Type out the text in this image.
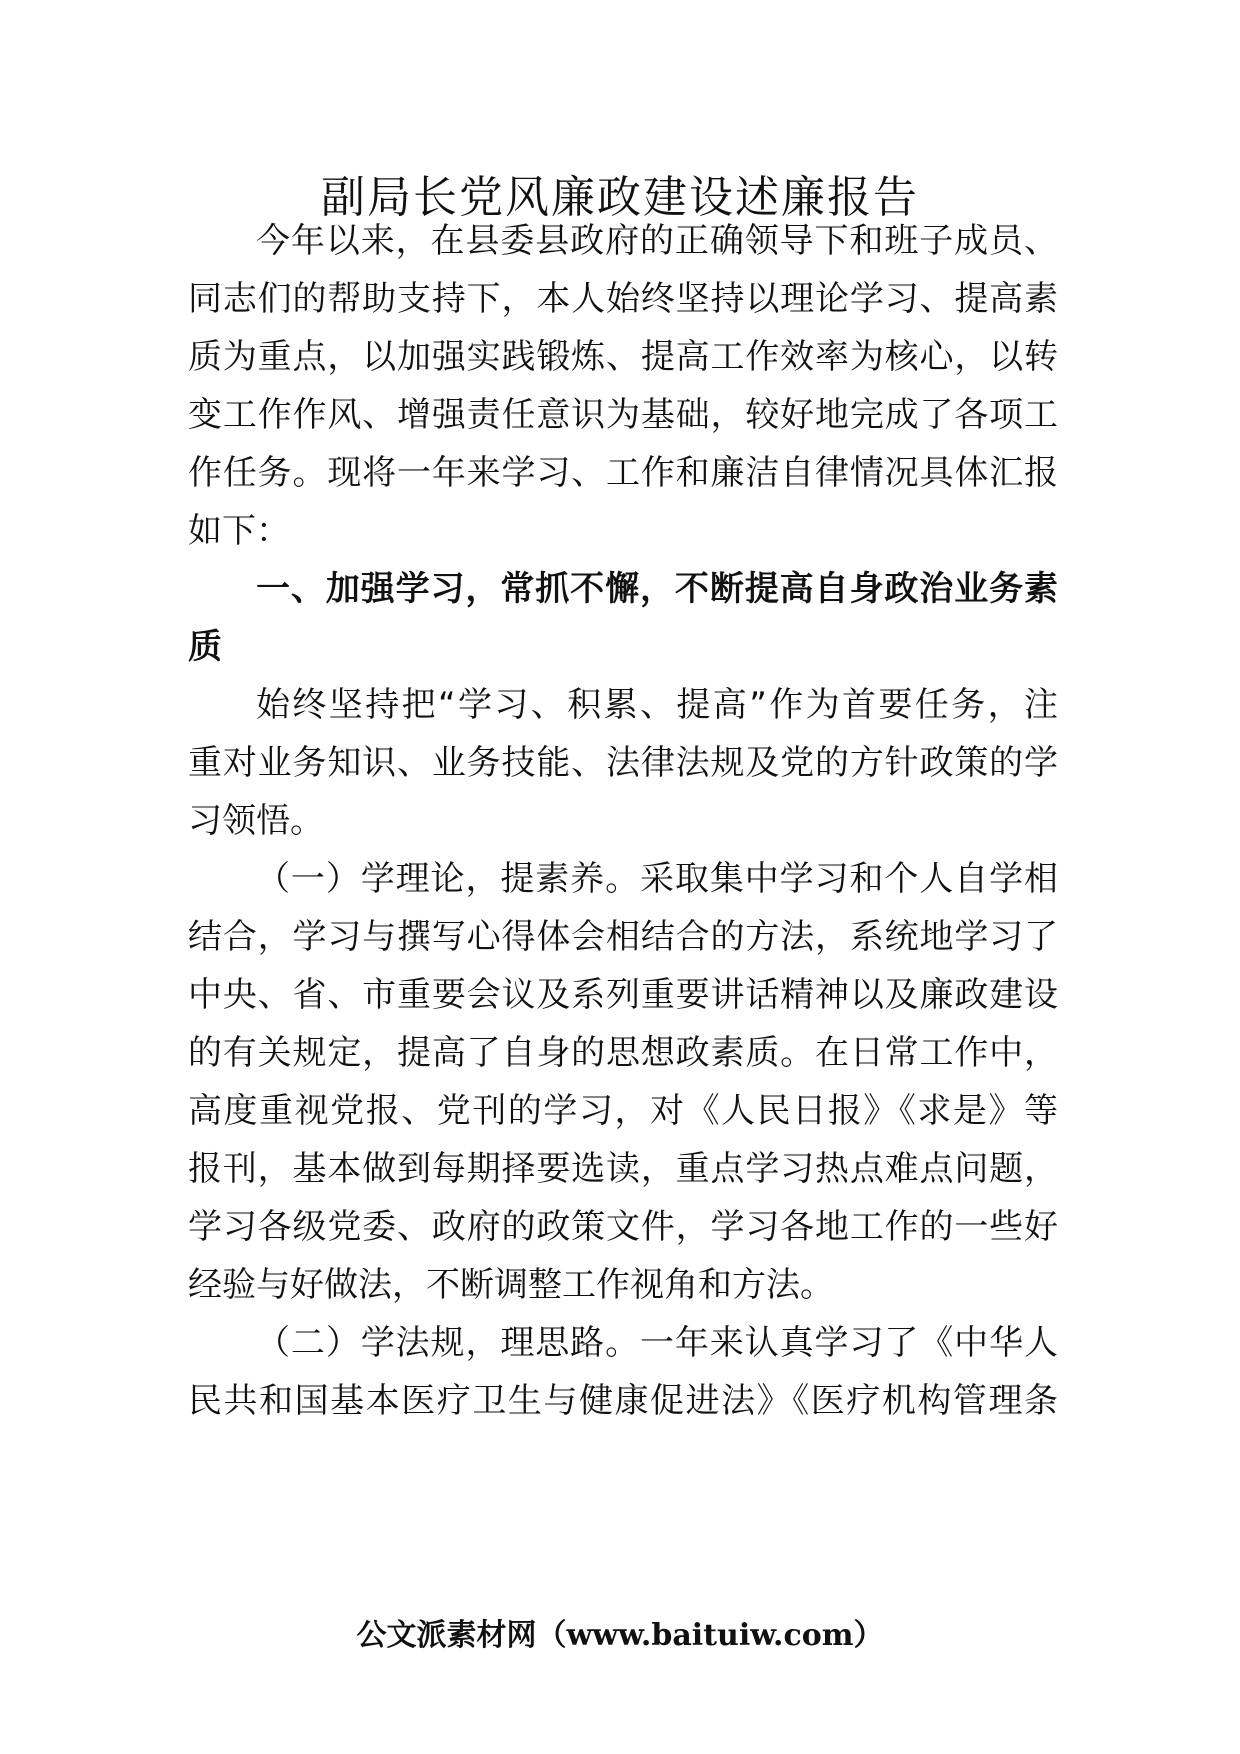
副局长党风廉政建设述廉报告
今年以来，在县委县政府的正确领导下和班子成员、
同志们的帮助支持下，本人始终坚持以理论学习、提高素
质为重点，以加强实践锻炼、提高工作效率为核心，以转
变工作作风、增强责任意识为基础，较好地完成了各项工
作任务。现将一年来学习、工作和廉洁自律情况具体汇报
如下：
一、加强学习，常抓不懈，不断提高自身政治业务素
质
始终坚持把“学习、积累、提高”作为首要任务，注
重对业务知识、业务技能、法律法规及党的方针政策的学
习领悟。
（一）学理论，提素养。采取集中学习和个人自学相
结合，学习与撰写心得体会相结合的方法，系统地学习了
中央、省、市重要会议及系列重要讲话精神以及廉政建设
的有关规定，提高了自身的思想政素质。在日常工作中，
高度重视党报、党刊的学习，对《人民日报》《求是》等
报刊，基本做到每期择要选读，重点学习热点难点问题，
学习各级党委、政府的政策文件，学习各地工作的一些好
经验与好做法，不断调整工作视角和方法。
（二）学法规，理思路。一年来认真学习了《中华人
民共和国基本医疗卫生与健康促进法》《医疗机构管理条
公文派素材网（www.baituiw.com）
